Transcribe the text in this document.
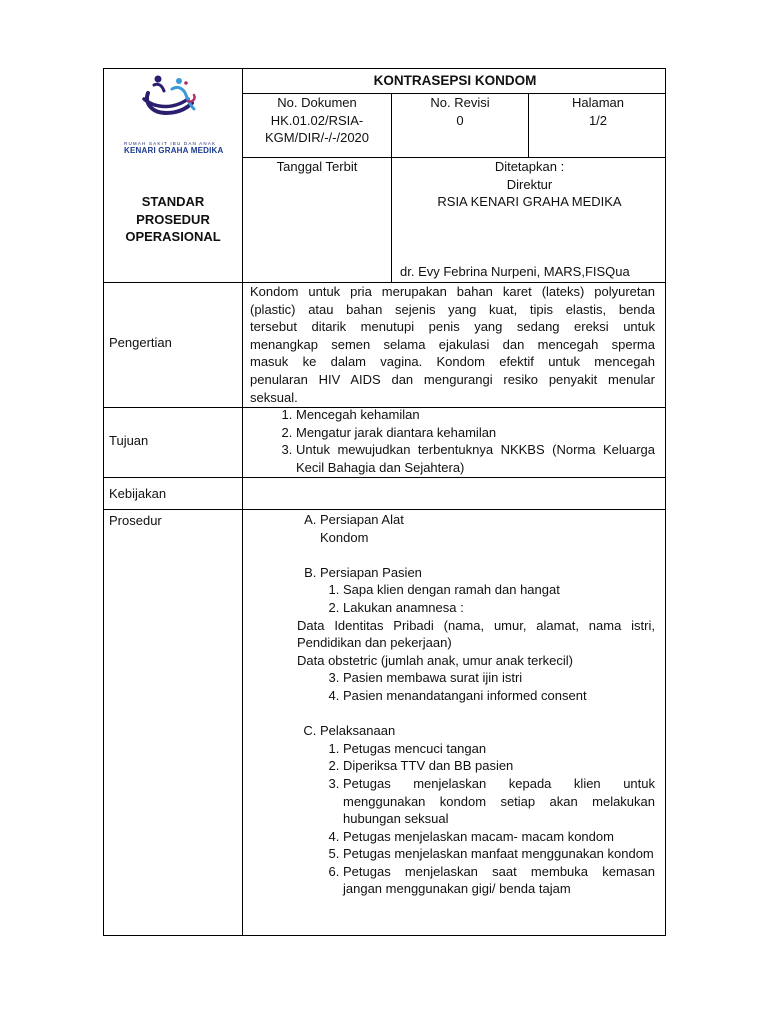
RUMAH SAKIT IBU DAN ANAK
KENARI GRAHA MEDIKA
STANDAR
PROSEDUR
OPERASIONAL
KONTRASEPSI KONDOM
No. Dokumen
HK.01.02/RSIA-
KGM/DIR/-/-/2020
No. Revisi
0
Halaman
1/2
Tanggal Terbit	Ditetapkan :
Direktur
RSIA KENARI GRAHA MEDIKA
dr. Evy Febrina Nurpeni, MARS,FISQua
Pengertian
Kondom untuk pria merupakan bahan karet (lateks) polyuretan
(plastic) atau bahan sejenis yang kuat, tipis elastis, benda
tersebut ditarik menutupi penis yang sedang ereksi untuk
menangkap semen selama ejakulasi dan mencegah sperma
masuk ke dalam vagina. Kondom efektif untuk mencegah
penularan HIV AIDS dan mengurangi resiko penyakit menular
seksual.
Tujuan
1. Mencegah kehamilan
2. Mengatur jarak diantara kehamilan
3. Untuk mewujudkan terbentuknya NKKBS (Norma Keluarga Kecil Bahagia dan Sejahtera)
Kebijakan
Prosedur
A.	Persiapan Alat
Kondom
B. Persiapan Pasien
1. Sapa klien dengan ramah dan hangat
2. Lakukan anamnesa :
Data Identitas Pribadi (nama, umur, alamat, nama istri,
Pendidikan dan pekerjaan)
Data obstetric (jumlah anak, umur anak terkecil)
3. Pasien membawa surat ijin istri
4. Pasien menandatangani informed consent
C. Pelaksanaan
1. Petugas mencuci tangan
2. Diperiksa TTV dan BB pasien
3. Petugas menjelaskan kepada klien untuk menggunakan kondom setiap akan melakukan hubungan seksual
4. Petugas menjelaskan macam- macam kondom
5. Petugas menjelaskan manfaat menggunakan kondom
6. Petugas menjelaskan saat membuka kemasan jangan menggunakan gigi/ benda tajam
